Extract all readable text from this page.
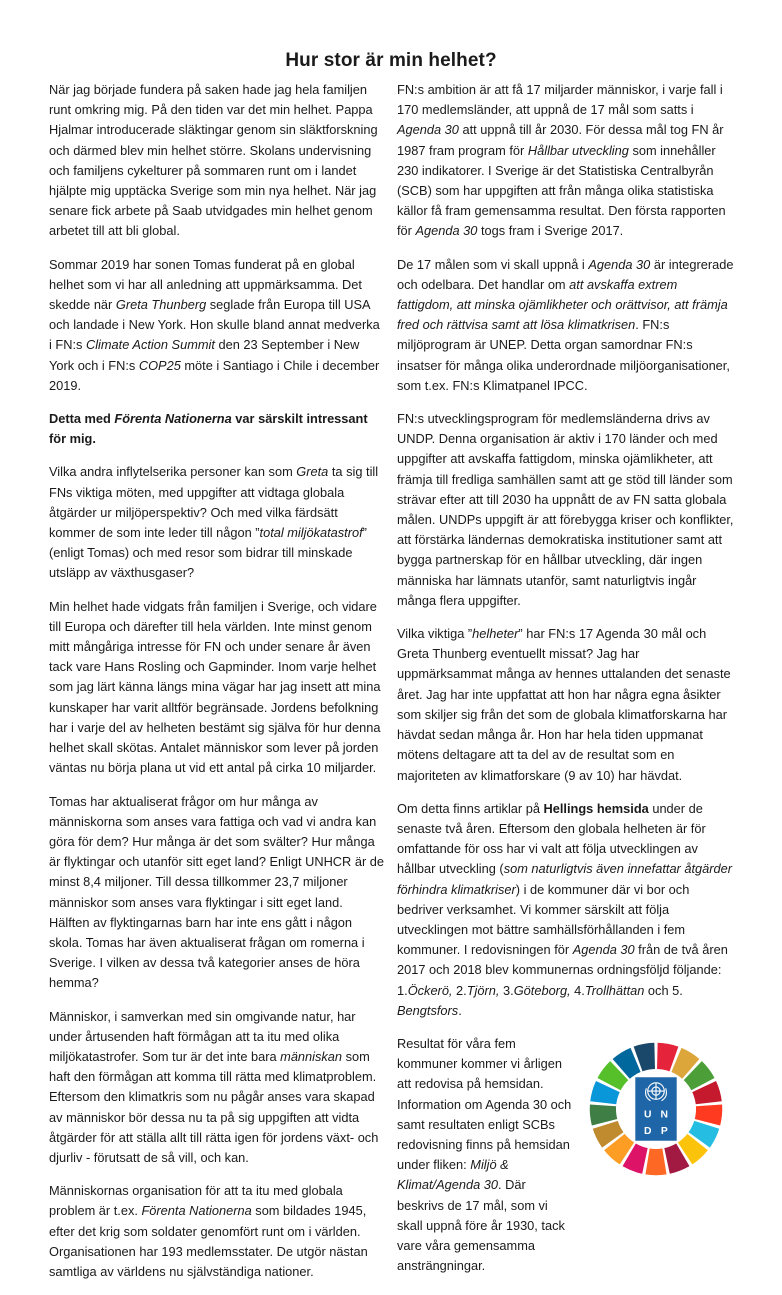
Hur stor är min helhet?

När jag började fundera på saken hade jag hela familjen runt omkring mig. På den tiden var det min helhet. Pappa Hjalmar introducerade släktingar genom sin släktforskning och därmed blev min helhet större. Skolans undervisning och familjens cykelturer på sommaren runt om i landet hjälpte mig upptäcka Sverige som min nya helhet. När jag senare fick arbete på Saab utvidgades min helhet genom arbetet till att bli global.

Sommar 2019 har sonen Tomas funderat på en global helhet som vi har all anledning att uppmärksamma. Det skedde när Greta Thunberg seglade från Europa till USA och landade i New York. Hon skulle bland annat medverka i FN:s Climate Action Summit den 23 September i New York och i FN:s COP25 möte i Santiago i Chile i december 2019.

Detta med Förenta Nationerna var särskilt intressant för mig.

Vilka andra inflytelserika personer kan som Greta ta sig till FNs viktiga möten, med uppgifter att vidtaga globala åtgärder ur miljöperspektiv? Och med vilka färdsätt kommer de som inte leder till någon ”total miljökatastrof” (enligt Tomas) och med resor som bidrar till minskade utsläpp av växthusgaser?

Min helhet hade vidgats från familjen i Sverige, och vidare till Europa och därefter till hela världen. Inte minst genom mitt mångåriga intresse för FN och under senare år även tack vare Hans Rosling och Gapminder. Inom varje helhet som jag lärt känna längs mina vägar har jag insett att mina kunskaper har varit alltför begränsade. Jordens befolkning har i varje del av helheten bestämt sig själva för hur denna helhet skall skötas. Antalet människor som lever på jorden väntas nu börja plana ut vid ett antal på cirka 10 miljarder.

Tomas har aktualiserat frågor om hur många av människorna som anses vara fattiga och vad vi andra kan göra för dem? Hur många är det som svälter? Hur många är flyktingar och utanför sitt eget land? Enligt UNHCR är de minst 8,4 miljoner. Till dessa tillkommer 23,7 miljoner människor som anses vara flyktingar i sitt eget land. Hälften av flyktingarnas barn har inte ens gått i någon skola. Tomas har även aktualiserat frågan om romerna i Sverige. I vilken av dessa två kategorier anses de höra hemma?

Människor, i samverkan med sin omgivande natur, har under årtusenden haft förmågan att ta itu med olika miljökatastrofer. Som tur är det inte bara människan som haft den förmågan att komma till rätta med klimatproblem. Eftersom den klimatkris som nu pågår anses vara skapad av människor bör dessa nu ta på sig uppgiften att vidta åtgärder för att ställa allt till rätta igen för jordens växt- och djurliv - förutsatt de så vill, och kan.

Människornas organisation för att ta itu med globala problem är t.ex. Förenta Nationerna som bildades 1945, efter det krig som soldater genomfört runt om i världen. Organisationen har 193 medlemsstater. De utgör nästan samtliga av världens nu självständiga nationer.

FN:s ambition är att få 17 miljarder människor, i varje fall i 170 medlemsländer, att uppnå de 17 mål som satts i Agenda 30 att uppnå till år 2030. För dessa mål tog FN år 1987 fram program för Hållbar utveckling som innehåller 230 indikatorer. I Sverige är det Statistiska Centralbyrån (SCB) som har uppgiften att från många olika statistiska källor få fram gemensamma resultat. Den första rapporten för Agenda 30 togs fram i Sverige 2017.

De 17 målen som vi skall uppnå i Agenda 30 är integrerade och odelbara. Det handlar om att avskaffa extrem fattigdom, att minska ojämlikheter och orättvisor, att främja fred och rättvisa samt att lösa klimatkrisen. FN:s miljöprogram är UNEP. Detta organ samordnar FN:s insatser för många olika underordnade miljöorganisationer, som t.ex. FN:s Klimatpanel IPCC.

FN:s utvecklingsprogram för medlemsländerna drivs av UNDP. Denna organisation är aktiv i 170 länder och med uppgifter att avskaffa fattigdom, minska ojämlikheter, att främja till fredliga samhällen samt att ge stöd till länder som strävar efter att till 2030 ha uppnått de av FN satta globala målen. UNDPs uppgift är att förebygga kriser och konflikter, att förstärka ländernas demokratiska institutioner samt att bygga partnerskap för en hållbar utveckling, där ingen människa har lämnats utanför, samt naturligtvis ingår många flera uppgifter.

Vilka viktiga ”helheter” har FN:s 17 Agenda 30 mål och Greta Thunberg eventuellt missat? Jag har uppmärksammat många av hennes uttalanden det senaste året. Jag har inte uppfattat att hon har några egna åsikter som skiljer sig från det som de globala klimatforskarna har hävdat sedan många år. Hon har hela tiden uppmanat mötens deltagare att ta del av de resultat som en majoriteten av klimatforskare (9 av 10) har hävdat.

Om detta finns artiklar på Hellings hemsida under de senaste två åren. Eftersom den globala helheten är för omfattande för oss har vi valt att följa utvecklingen av hållbar utveckling (som naturligtvis även innefattar åtgärder förhindra klimatkriser) i de kommuner där vi bor och bedriver verksamhet. Vi kommer särskilt att följa utvecklingen mot bättre samhällsförhållanden i fem kommuner. I redovisningen för Agenda 30 från de två åren 2017 och 2018 blev kommunernas ordningsföljd följande: 1.Öckerö, 2.Tjörn, 3.Göteborg, 4.Trollhättan och 5. Bengtsfors.

Resultat för våra fem kommuner kommer vi årligen att redovisa på hemsidan. Information om Agenda 30 och samt resultaten enligt SCBs redovisning finns på hemsidan under fliken: Miljö & Klimat/Agenda 30. Där beskrivs de 17 mål, som vi skall uppnå före år 1930, tack vare våra gemensamma ansträngningar.

U N D P
